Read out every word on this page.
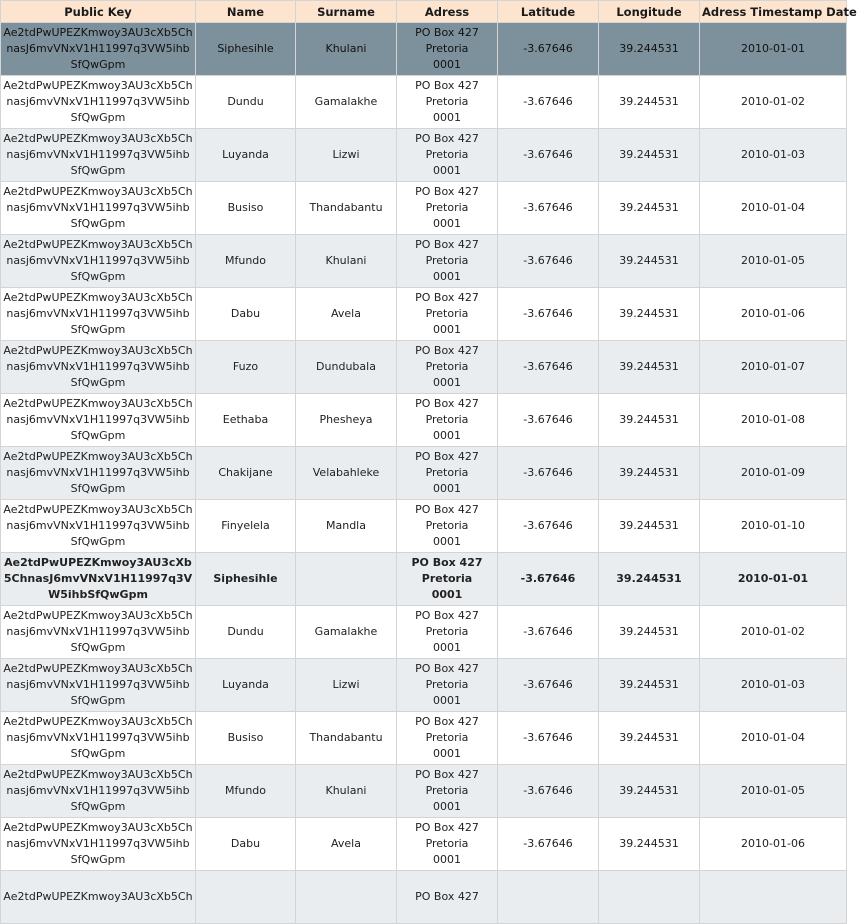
Public Key	Name	Surname	Adress	Latitude	Longitude	Adress Timestamp Date
Ae2tdPwUPEZKmwoy3AU3cXb5ChnasJ6mvVNxV1H11997q3VW5ihbSfQwGpm	Siphesihle	Khulani	PO Box 427
Pretoria
0001	-3.67646	39.244531	2010-01-01
Ae2tdPwUPEZKmwoy3AU3cXb5Chnasj6mvVNxV1H11997q3VW5ihbSfQwGpm	Dundu	Gamalakhe	PO Box 427
Pretoria
0001	-3.67646	39.244531	2010-01-02
Ae2tdPwUPEZKmwoy3AU3cXb5Chnasj6mvVNxV1H11997q3VW5ihbSfQwGpm	Luyanda	Lizwi	PO Box 427
Pretoria
0001	-3.67646	39.244531	2010-01-03
Ae2tdPwUPEZKmwoy3AU3cXb5Chnasj6mvVNxV1H11997q3VW5ihbSfQwGpm	Busiso	Thandabantu	PO Box 427
Pretoria
0001	-3.67646	39.244531	2010-01-04
Ae2tdPwUPEZKmwoy3AU3cXb5Chnasj6mvVNxV1H11997q3VW5ihbSfQwGpm	Mfundo	Khulani	PO Box 427
Pretoria
0001	-3.67646	39.244531	2010-01-05
Ae2tdPwUPEZKmwoy3AU3cXb5Chnasj6mvVNxV1H11997q3VW5ihbSfQwGpm	Dabu	Avela	PO Box 427
Pretoria
0001	-3.67646	39.244531	2010-01-06
Ae2tdPwUPEZKmwoy3AU3cXb5Chnasj6mvVNxV1H11997q3VW5ihbSfQwGpm	Fuzo	Dundubala	PO Box 427
Pretoria
0001	-3.67646	39.244531	2010-01-07
Ae2tdPwUPEZKmwoy3AU3cXb5Chnasj6mvVNxV1H11997q3VW5ihbSfQwGpm	Eethaba	Phesheya	PO Box 427
Pretoria
0001	-3.67646	39.244531	2010-01-08
Ae2tdPwUPEZKmwoy3AU3cXb5Chnasj6mvVNxV1H11997q3VW5ihbSfQwGpm	Chakijane	Velabahleke	PO Box 427
Pretoria
0001	-3.67646	39.244531	2010-01-09
Ae2tdPwUPEZKmwoy3AU3cXb5Chnasj6mvVNxV1H11997q3VW5ihbSfQwGpm	Finyelela	Mandla	PO Box 427
Pretoria
0001	-3.67646	39.244531	2010-01-10
Ae2tdPwUPEZKmwoy3AU3cXb5ChnasJ6mvVNxV1H11997q3VW5ihbSfQwGpm	Siphesihle		PO Box 427
Pretoria
0001	-3.67646	39.244531	2010-01-01
Ae2tdPwUPEZKmwoy3AU3cXb5Chnasj6mvVNxV1H11997q3VW5ihbSfQwGpm	Dundu	Gamalakhe	PO Box 427
Pretoria
0001	-3.67646	39.244531	2010-01-02
Ae2tdPwUPEZKmwoy3AU3cXb5Chnasj6mvVNxV1H11997q3VW5ihbSfQwGpm	Luyanda	Lizwi	PO Box 427
Pretoria
0001	-3.67646	39.244531	2010-01-03
Ae2tdPwUPEZKmwoy3AU3cXb5Chnasj6mvVNxV1H11997q3VW5ihbSfQwGpm	Busiso	Thandabantu	PO Box 427
Pretoria
0001	-3.67646	39.244531	2010-01-04
Ae2tdPwUPEZKmwoy3AU3cXb5Chnasj6mvVNxV1H11997q3VW5ihbSfQwGpm	Mfundo	Khulani	PO Box 427
Pretoria
0001	-3.67646	39.244531	2010-01-05
Ae2tdPwUPEZKmwoy3AU3cXb5Chnasj6mvVNxV1H11997q3VW5ihbSfQwGpm	Dabu	Avela	PO Box 427
Pretoria
0001	-3.67646	39.244531	2010-01-06
Ae2tdPwUPEZKmwoy3AU3cXb5Ch			PO Box 427			
